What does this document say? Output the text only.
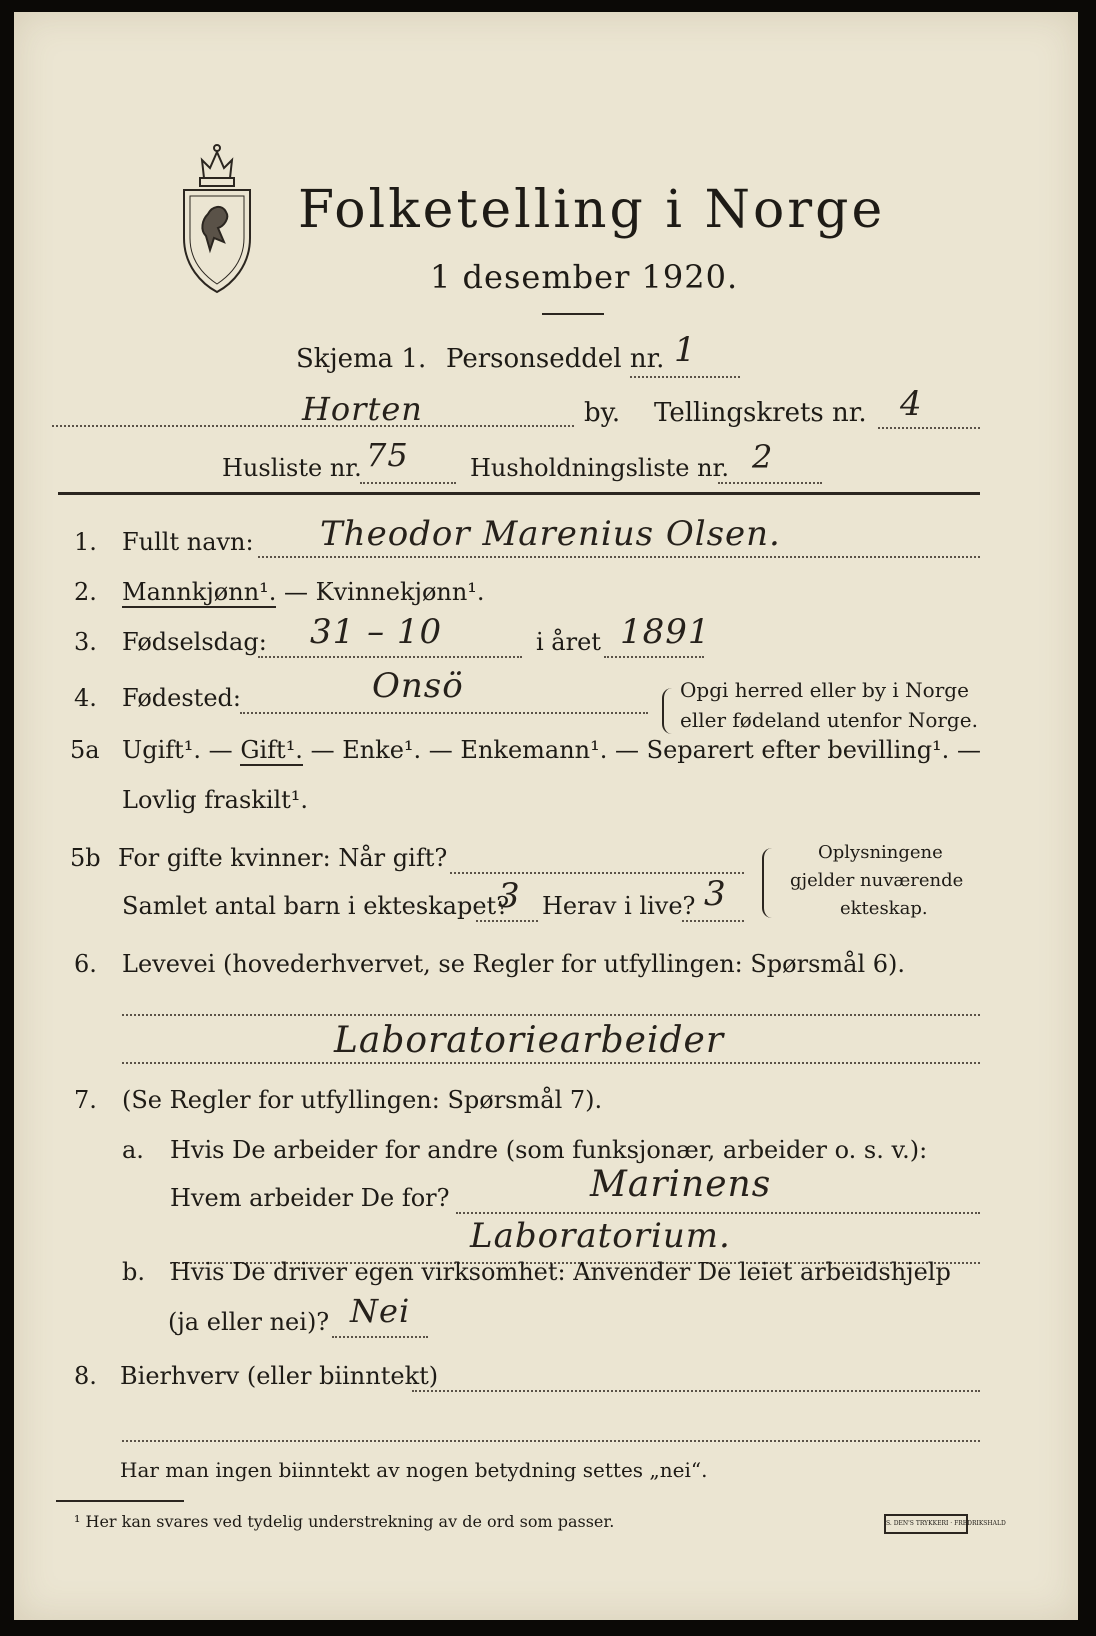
Folketelling i Norge
1 desember 1920.
Skjema 1. Personseddel nr. 1
Horten	by. Tellingskrets nr. 4
Husliste nr. 75	Husholdningsliste nr. 2
1. Fullt navn: Theodor Marenius Olsen.
2. Mannkjønn¹. — Kvinnekjønn¹.
3. Fødselsdag: 31 – 10	i året 1891
4. Fødested:	Onsö	Opgi herred eller by i Norge
eller fødeland utenfor Norge.
5a Ugift¹. — Gift¹. — Enke¹. — Enkemann¹. — Separert efter bevilling¹. —
Lovlig fraskilt¹.
5b For gifte kvinner: Når gift?
Samlet antal barn i ekteskapet?
3 Herav i live? 3
Oplysningene
gjelder nuværende
ekteskap.
6. Levevei (hovederhvervet, se Regler for utfyllingen: Spørsmål 6).
Laboratoriearbeider
7. (Se Regler for utfyllingen: Spørsmål 7).
a. Hvis De arbeider for andre (som funksjonær, arbeider o. s. v.):
Hvem arbeider De for?	Marinens
Laboratorium.
b. Hvis De driver egen virksomhet: Anvender De leiet arbeidshjelp
(ja eller nei)? Nei
8. Bierhverv (eller biinntekt)
Har man ingen biinntekt av nogen betydning settes „nei“.
¹ Her kan svares ved tydelig understrekning av de ord som passer.	S. DEN'S TRYKKERI · FREDRIKSHALD
